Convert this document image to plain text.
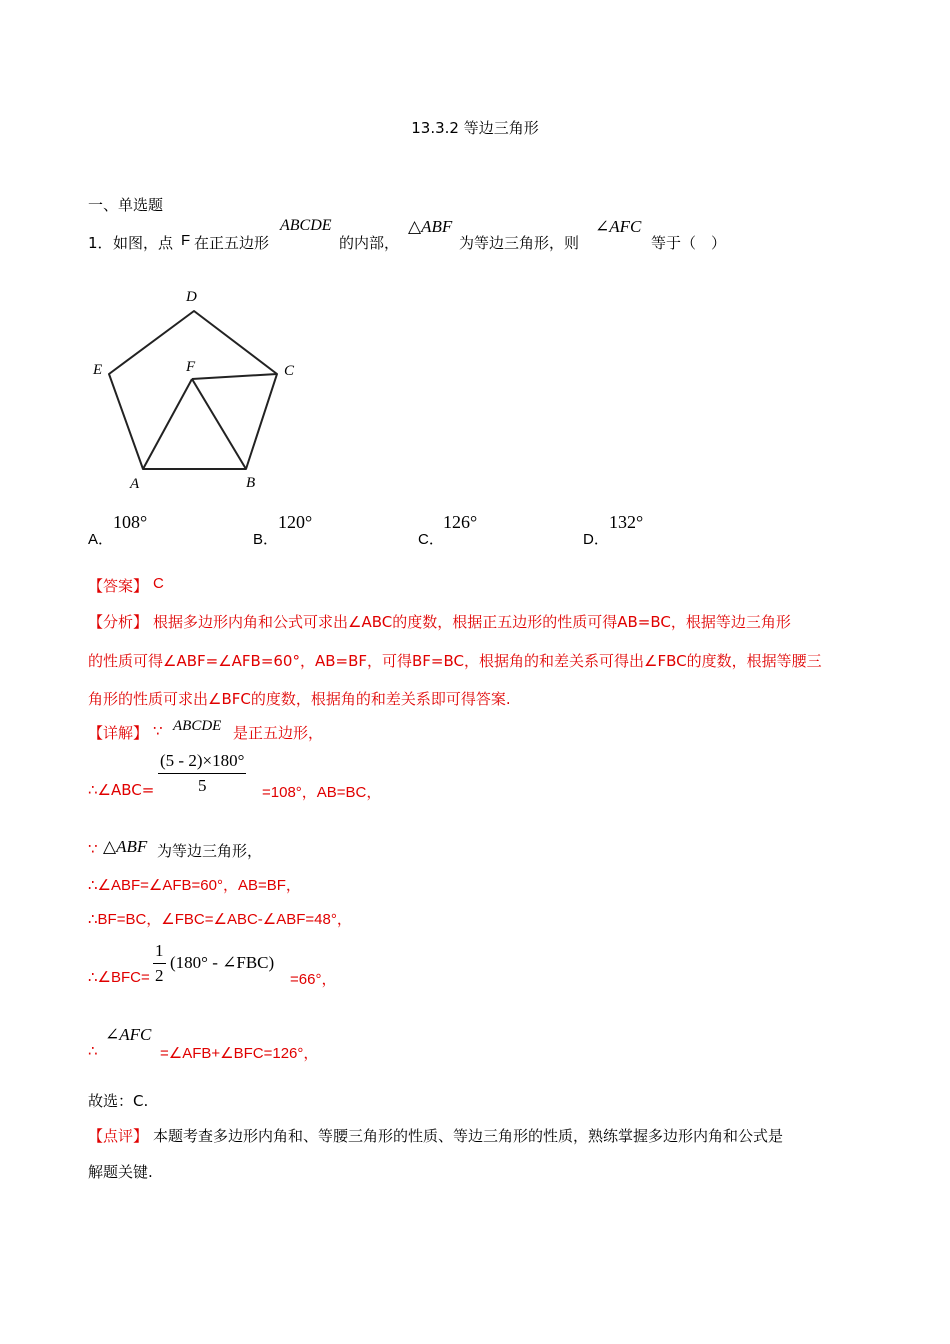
13.3.2 等边三角形
一、单选题
1． 如图，点 F 在正五边形
ABCDE
的内部，
△ABF
为等边三角形，则
∠AFC
等于（　）
D
E	F	C
A	B
A．
108°
B．
120°
C．
126°
D．
132°
【答案】 C
【分析】 根据多边形内角和公式可求出∠ABC的度数，根据正五边形的性质可得AB=BC，根据等边三角形
的性质可得∠ABF=∠AFB=60°，AB=BF，可得BF=BC，根据角的和差关系可得出∠FBC的度数，根据等腰三
角形的性质可求出∠BFC的度数，根据角的和差关系即可得答案.
【详解】 ∵ ABCDE 是正五边形，
∴∠ABC= $\frac{(5 - 2)\times 180^\circ}{5} =108^\circ$，AB=BC，
∵ △ABF 为等边三角形，
∴∠ABF=∠AFB=60°，AB=BF，
∴BF=BC，∠FBC=∠ABC-∠ABF=48°，
∴∠BFC= $\frac{1}{2} (180^\circ$ - ∠FBC)
=66°，
∴
∠AFC
=∠AFB+∠BFC=126°，
故选：C.
【点评】 本题考查多边形内角和、等腰三角形的性质、等边三角形的性质，熟练掌握多边形内角和公式是
解题关键.
